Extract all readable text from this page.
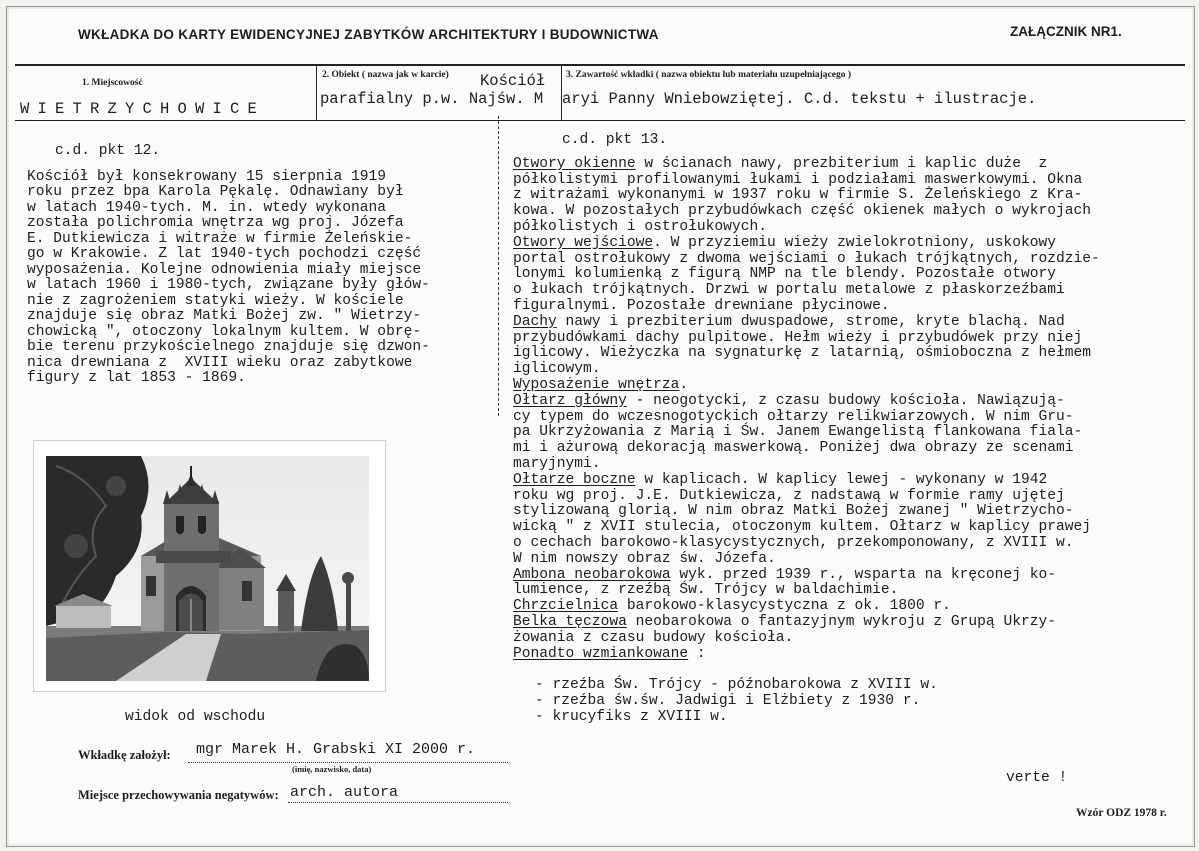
WKŁADKA DO KARTY EWIDENCYJNEJ ZABYTKÓW ARCHITEKTURY I BUDOWNICTWA	ZAŁĄCZNIK NR1.
1. Miejscowość
WIETRZYCHOWICE
2. Obiekt ( nazwa jak w karcie) Kościół
parafialny p.w. Najśw. M
3. Zawartość wkładki ( nazwa obiektu lub materiału uzupełniającego )
aryi Panny Wniebowziętej. C.d. tekstu + ilustracje.

c.d. pkt 12.

Kościół był konsekrowany 15 sierpnia 1919

roku przez bpa Karola Pękalę. Odnawiany był

w latach 1940-tych. M. in. wtedy wykonana

została polichromia wnętrza wg proj. Józefa

E. Dutkiewicza i witraże w firmie Żeleńskie-

go w Krakowie. Z lat 1940-tych pochodzi część

wyposażenia. Kolejne odnowienia miały miejsce

w latach 1960 i 1980-tych, związane były głów-

nie z zagrożeniem statyki wieży. W kościele

znajduje się obraz Matki Bożej zw. " Wietrzy-

chowicką ", otoczony lokalnym kultem. W obrę-

bie terenu przykościelnego znajduje się dzwon-

nica drewniana z  XVIII wieku oraz zabytkowe

figury z lat 1853 - 1869.

c.d. pkt 13.

Otwory okienne w ścianach nawy, prezbiterium i kaplic duże  z

półkolistymi profilowanymi łukami i podziałami maswerkowymi. Okna

z witrażami wykonanymi w 1937 roku w firmie S. Żeleńskiego z Kra-

kowa. W pozostałych przybudówkach część okienek małych o wykrojach

półkolistych i ostrołukowych.

Otwory wejściowe. W przyziemiu wieży zwielokrotniony, uskokowy

portal ostrołukowy z dwoma wejściami o łukach trójkątnych, rozdzie-

lonymi kolumienką z figurą NMP na tle blendy. Pozostałe otwory

o łukach trójkątnych. Drzwi w portalu metalowe z płaskorzeźbami

figuralnymi. Pozostałe drewniane płycinowe.

Dachy nawy i prezbiterium dwuspadowe, strome, kryte blachą. Nad

przybudówkami dachy pulpitowe. Hełm wieży i przybudówek przy niej

iglicowy. Wieżyczka na sygnaturkę z latarnią, ośmioboczna z hełmem

iglicowym.

Wyposażenie wnętrza.

Ołtarz główny - neogotycki, z czasu budowy kościoła. Nawiązują-

cy typem do wczesnogotyckich ołtarzy relikwiarzowych. W nim Gru-

pa Ukrzyżowania z Marią i Św. Janem Ewangelistą flankowana fiala-

mi i ażurową dekoracją maswerkową. Poniżej dwa obrazy ze scenami

maryjnymi.

Ołtarze boczne w kaplicach. W kaplicy lewej - wykonany w 1942

roku wg proj. J.E. Dutkiewicza, z nadstawą w formie ramy ujętej

stylizowaną glorią. W nim obraz Matki Bożej zwanej " Wietrzycho-

wicką " z XVII stulecia, otoczonym kultem. Ołtarz w kaplicy prawej

o cechach barokowo-klasycystycznych, przekomponowany, z XVIII w.

W nim nowszy obraz św. Józefa.

Ambona neobarokowa wyk. przed 1939 r., wsparta na kręconej ko-

lumience, z rzeźbą Św. Trójcy w baldachimie.

Chrzcielnica barokowo-klasycystyczna z ok. 1800 r.

Belka tęczowa neobarokowa o fantazyjnym wykroju z Grupą Ukrzy-

żowania z czasu budowy kościoła.

Ponadto wzmiankowane :

- rzeźba Św. Trójcy - późnobarokowa z XVIII w.

- rzeźba św.św. Jadwigi i Elżbiety z 1930 r.

- krucyfiks z XVIII w.

widok od wschodu
Wkładkę założył: mgr Marek H. Grabski XI 2000 r.
(imię, nazwisko, data)
Miejsce przechowywania negatywów: arch. autora
verte !
Wzór ODZ 1978 r.
